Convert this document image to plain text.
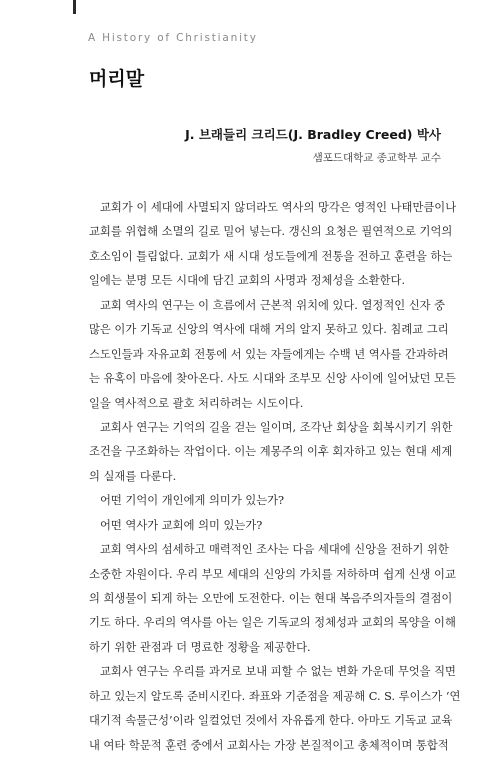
A History of Christianity
머리말
J. 브래들리 크리드(J. Bradley Creed) 박사
샘포드대학교 종교학부 교수
교회가 이 세대에 사멸되지 않더라도 역사의 망각은 영적인 나태만큼이나
교회를 위협해 소멸의 길로 밀어 넣는다. 갱신의 요청은 필연적으로 기억의
호소임이 틀림없다. 교회가 새 시대 성도들에게 전통을 전하고 훈련을 하는
일에는 분명 모든 시대에 담긴 교회의 사명과 정체성을 소환한다.
교회 역사의 연구는 이 흐름에서 근본적 위치에 있다. 열정적인 신자 중
많은 이가 기독교 신앙의 역사에 대해 거의 알지 못하고 있다. 침례교 그리
스도인들과 자유교회 전통에 서 있는 자들에게는 수백 년 역사를 간과하려
는 유혹이 마음에 찾아온다. 사도 시대와 조부모 신앙 사이에 일어났던 모든
일을 역사적으로 괄호 처리하려는 시도이다.
교회사 연구는 기억의 길을 걷는 일이며, 조각난 회상을 회복시키기 위한
조건을 구조화하는 작업이다. 이는 계몽주의 이후 회자하고 있는 현대 세계
의 실재를 다룬다.
어떤 기억이 개인에게 의미가 있는가?
어떤 역사가 교회에 의미 있는가?
교회 역사의 섬세하고 매력적인 조사는 다음 세대에 신앙을 전하기 위한
소중한 자원이다. 우리 부모 세대의 신앙의 가치를 저하하며 쉽게 신생 이교
의 희생물이 되게 하는 오만에 도전한다. 이는 현대 복음주의자들의 결점이
기도 하다. 우리의 역사를 아는 일은 기독교의 정체성과 교회의 목양을 이해
하기 위한 관점과 더 명료한 정황을 제공한다.
교회사 연구는 우리를 과거로 보내 피할 수 없는 변화 가운데 무엇을 직면
하고 있는지 알도록 준비시킨다. 좌표와 기준점을 제공해 C. S. 루이스가 ‘연
대기적 속물근성’이라 일컬었던 것에서 자유롭게 한다. 아마도 기독교 교육
내 여타 학문적 훈련 중에서 교회사는 가장 본질적이고 총체적이며 통합적
